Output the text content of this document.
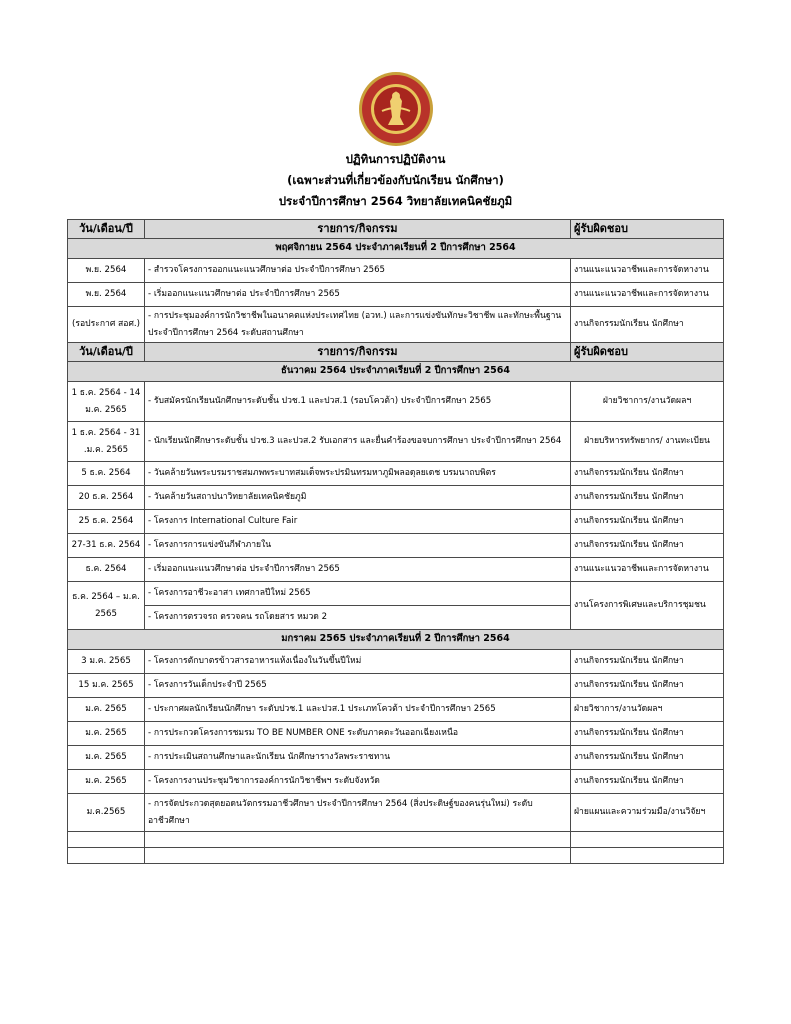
ปฏิทินการปฏิบัติงาน
(เฉพาะส่วนที่เกี่ยวข้องกับนักเรียน นักศึกษา)
ประจำปีการศึกษา 2564 วิทยาลัยเทคนิคชัยภูมิ
วัน/เดือน/ปี	รายการ/กิจกรรม	ผู้รับผิดชอบ
พฤศจิกายน 2564 ประจำภาคเรียนที่ 2 ปีการศึกษา 2564		
พ.ย. 2564	- สำรวจโครงการออกแนะแนวศึกษาต่อ ประจำปีการศึกษา 2565	งานแนะแนวอาชีพและการจัดหางาน
พ.ย. 2564	- เริ่มออกแนะแนวศึกษาต่อ ประจำปีการศึกษา 2565	งานแนะแนวอาชีพและการจัดหางาน
(รอประกาศ สอศ.)	- การประชุมองค์การนักวิชาชีพในอนาคตแห่งประเทศไทย (อวท.) และการแข่งขันทักษะวิชาชีพ และทักษะพื้นฐาน ประจำปีการศึกษา 2564 ระดับสถานศึกษา	งานกิจกรรมนักเรียน นักศึกษา
วัน/เดือน/ปี	รายการ/กิจกรรม	ผู้รับผิดชอบ
ธันวาคม 2564 ประจำภาคเรียนที่ 2 ปีการศึกษา 2564		
1 ธ.ค. 2564 - 14 ม.ค. 2565	- รับสมัครนักเรียนนักศึกษาระดับชั้น ปวช.1 และปวส.1 (รอบโควต้า) ประจำปีการศึกษา 2565	ฝ่ายวิชาการ/งานวัดผลฯ
1 ธ.ค. 2564 - 31 .ม.ค. 2565	- นักเรียนนักศึกษาระดับชั้น ปวช.3 และปวส.2 รับเอกสาร และยื่นคำร้องขอจบการศึกษา ประจำปีการศึกษา 2564	ฝ่ายบริหารทรัพยากร/ งานทะเบียน
5 ธ.ค. 2564	- วันคล้ายวันพระบรมราชสมภพพระบาทสมเด็จพระปรมินทรมหาภูมิพลอดุลยเดช บรมนาถบพิตร	งานกิจกรรมนักเรียน นักศึกษา
20 ธ.ค. 2564	- วันคล้ายวันสถาปนาวิทยาลัยเทคนิคชัยภูมิ	งานกิจกรรมนักเรียน นักศึกษา
25 ธ.ค. 2564	- โครงการ International Culture Fair	งานกิจกรรมนักเรียน นักศึกษา
27-31 ธ.ค. 2564	- โครงการการแข่งขันกีฬาภายใน	งานกิจกรรมนักเรียน นักศึกษา
ธ.ค. 2564	- เริ่มออกแนะแนวศึกษาต่อ ประจำปีการศึกษา 2565	งานแนะแนวอาชีพและการจัดหางาน
ธ.ค. 2564 – ม.ค. 2565	- โครงการอาชีวะอาสา เทศกาลปีใหม่ 2565	งานโครงการพิเศษและบริการชุมชน
	- โครงการตรวจรถ ตรวจคน รถโดยสาร หมวด 2	
มกราคม 2565 ประจำภาคเรียนที่ 2 ปีการศึกษา 2564		
3 ม.ค. 2565	- โครงการตักบาตรข้าวสารอาหารแห้งเนื่องในวันขึ้นปีใหม่	งานกิจกรรมนักเรียน นักศึกษา
15 ม.ค. 2565	- โครงการวันเด็กประจำปี 2565	งานกิจกรรมนักเรียน นักศึกษา
ม.ค. 2565	- ประกาศผลนักเรียนนักศึกษา ระดับปวช.1 และปวส.1 ประเภทโควต้า ประจำปีการศึกษา 2565	ฝ่ายวิชาการ/งานวัดผลฯ
ม.ค. 2565	- การประกวดโครงการชมรม TO BE NUMBER ONE ระดับภาคตะวันออกเฉียงเหนือ	งานกิจกรรมนักเรียน นักศึกษา
ม.ค. 2565	- การประเมินสถานศึกษาและนักเรียน นักศึกษารางวัลพระราชทาน	งานกิจกรรมนักเรียน นักศึกษา
ม.ค. 2565	- โครงการงานประชุมวิชาการองค์การนักวิชาชีพฯ ระดับจังหวัด	งานกิจกรรมนักเรียน นักศึกษา
ม.ค.2565	- การจัดประกวดสุดยอดนวัตกรรมอาชีวศึกษา ประจำปีการศึกษา 2564 (สิ่งประดิษฐ์ของคนรุ่นใหม่) ระดับอาชีวศึกษา	ฝ่ายแผนและความร่วมมือ/งานวิจัยฯ
